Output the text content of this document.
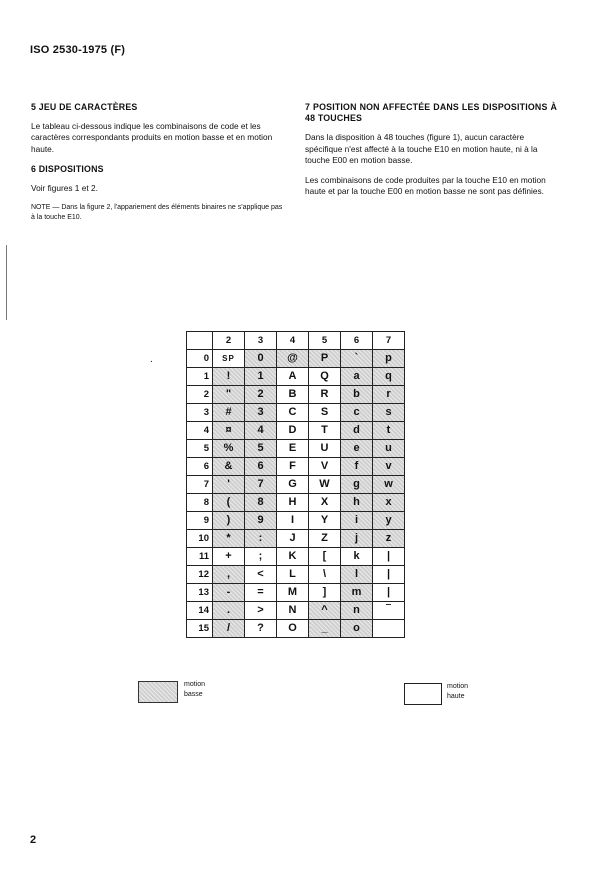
ISO 2530-1975 (F)
5 JEU DE CARACTÈRES
Le tableau ci-dessous indique les combinaisons de code et les caractères correspondants produits en motion basse et en motion haute.
6 DISPOSITIONS
Voir figures 1 et 2.
NOTE — Dans la figure 2, l'appariement des éléments binaires ne s'applique pas à la touche E10.
7 POSITION NON AFFECTÉE DANS LES DISPOSITIONS À 48 TOUCHES
Dans la disposition à 48 touches (figure 1), aucun caractère spécifique n'est affecté à la touche E10 en motion haute, ni à la touche E00 en motion basse.
Les combinaisons de code produites par la touche E10 en motion haute et par la touche E00 en motion basse ne sont pas définies.
.
	2	3	4	5	6	7
0	SP	0	@	P	`	p
1	!	1	A	Q	a	q
2	"	2	B	R	b	r
3	#	3	C	S	c	s
4	¤	4	D	T	d	t
5	%	5	E	U	e	u
6	&	6	F	V	f	v
7	'	7	G	W	g	w
8	(	8	H	X	h	x
9	)	9	I	Y	i	y
10	*	:	J	Z	j	z
11	+	;	K	[	k	|
12	,	<	L	\	l	|
13	-	=	M	]	m	|
14	.	>	N	^	n	‾
15	/	?	O	_	o	
motion
basse
motion
haute
2
